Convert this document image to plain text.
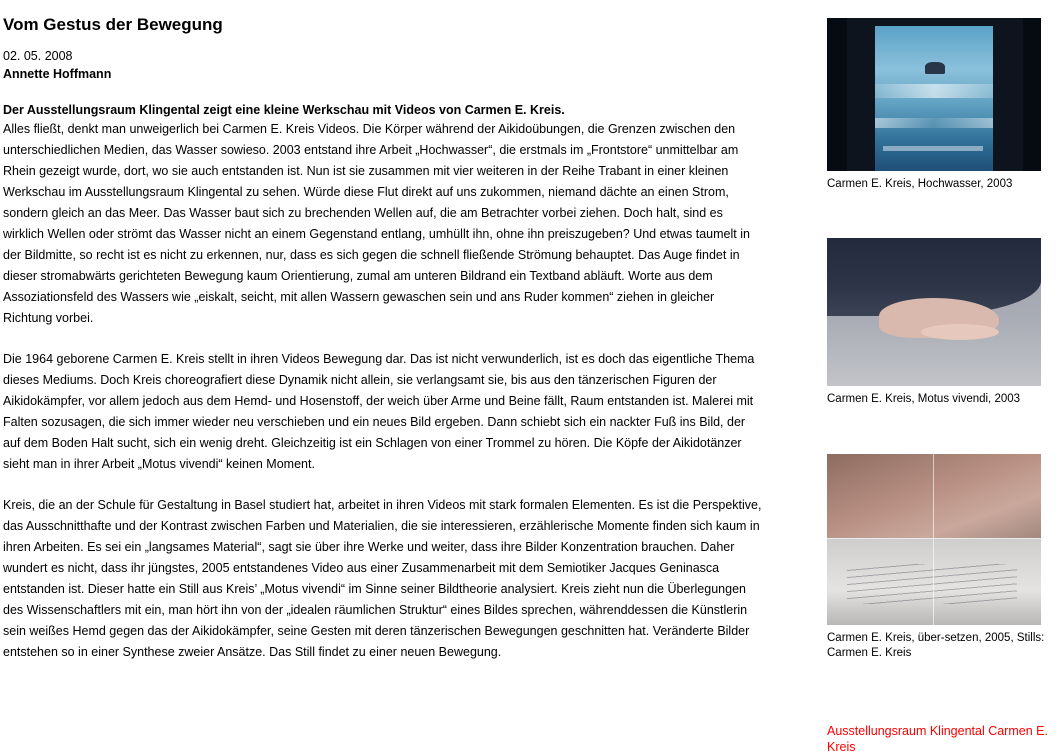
Vom Gestus der Bewegung
02. 05. 2008
Annette Hoffmann
Der Ausstellungsraum Klingental zeigt eine kleine Werkschau mit Videos von Carmen E. Kreis.

Alles fließt, denkt man unweigerlich bei Carmen E. Kreis Videos. Die Körper während der Aikidoübungen, die Grenzen zwischen den unterschiedlichen Medien, das Wasser sowieso. 2003 entstand ihre Arbeit „Hochwasser“, die erstmals im „Frontstore“ unmittelbar am Rhein gezeigt wurde, dort, wo sie auch entstanden ist. Nun ist sie zusammen mit vier weiteren in der Reihe Trabant in einer kleinen Werkschau im Ausstellungsraum Klingental zu sehen. Würde diese Flut direkt auf uns zukommen, niemand dächte an einen Strom, sondern gleich an das Meer. Das Wasser baut sich zu brechenden Wellen auf, die am Betrachter vorbei ziehen. Doch halt, sind es wirklich Wellen oder strömt das Wasser nicht an einem Gegenstand entlang, umhüllt ihn, ohne ihn preiszugeben? Und etwas taumelt in der Bildmitte, so recht ist es nicht zu erkennen, nur, dass es sich gegen die schnell fließende Strömung behauptet. Das Auge findet in dieser stromabwärts gerichteten Bewegung kaum Orientierung, zumal am unteren Bildrand ein Textband abläuft. Worte aus dem Assoziationsfeld des Wassers wie „eiskalt, seicht, mit allen Wassern gewaschen sein und ans Ruder kommen“ ziehen in gleicher Richtung vorbei.

Die 1964 geborene Carmen E. Kreis stellt in ihren Videos Bewegung dar. Das ist nicht verwunderlich, ist es doch das eigentliche Thema dieses Mediums. Doch Kreis choreografiert diese Dynamik nicht allein, sie verlangsamt sie, bis aus den tänzerischen Figuren der Aikidokämpfer, vor allem jedoch aus dem Hemd- und Hosenstoff, der weich über Arme und Beine fällt, Raum entstanden ist. Malerei mit Falten sozusagen, die sich immer wieder neu verschieben und ein neues Bild ergeben. Dann schiebt sich ein nackter Fuß ins Bild, der auf dem Boden Halt sucht, sich ein wenig dreht. Gleichzeitig ist ein Schlagen von einer Trommel zu hören. Die Köpfe der Aikidotänzer sieht man in ihrer Arbeit „Motus vivendi“ keinen Moment.

Kreis, die an der Schule für Gestaltung in Basel studiert hat, arbeitet in ihren Videos mit stark formalen Elementen. Es ist die Perspektive, das Ausschnitthafte und der Kontrast zwischen Farben und Materialien, die sie interessieren, erzählerische Momente finden sich kaum in ihren Arbeiten. Es sei ein „langsames Material“, sagt sie über ihre Werke und weiter, dass ihre Bilder Konzentration brauchen. Daher wundert es nicht, dass ihr jüngstes, 2005 entstandenes Video aus einer Zusammenarbeit mit dem Semiotiker Jacques Geninasca entstanden ist. Dieser hatte ein Still aus Kreis’ „Motus vivendi“ im Sinne seiner Bildtheorie analysiert. Kreis zieht nun die Überlegungen des Wissenschaftlers mit ein, man hört ihn von der „idealen räumlichen Struktur“ eines Bildes sprechen, währenddessen die Künstlerin sein weißes Hemd gegen das der Aikidokämpfer, seine Gesten mit deren tänzerischen Bewegungen geschnitten hat. Veränderte Bilder entstehen so in einer Synthese zweier Ansätze. Das Still findet zu einer neuen Bewegung.

Carmen E. Kreis, Hochwasser, 2003
Carmen E. Kreis, Motus vivendi, 2003
Carmen E. Kreis, über-setzen, 2005, Stills: Carmen E. Kreis
Ausstellungsraum Klingental Carmen E. Kreis
